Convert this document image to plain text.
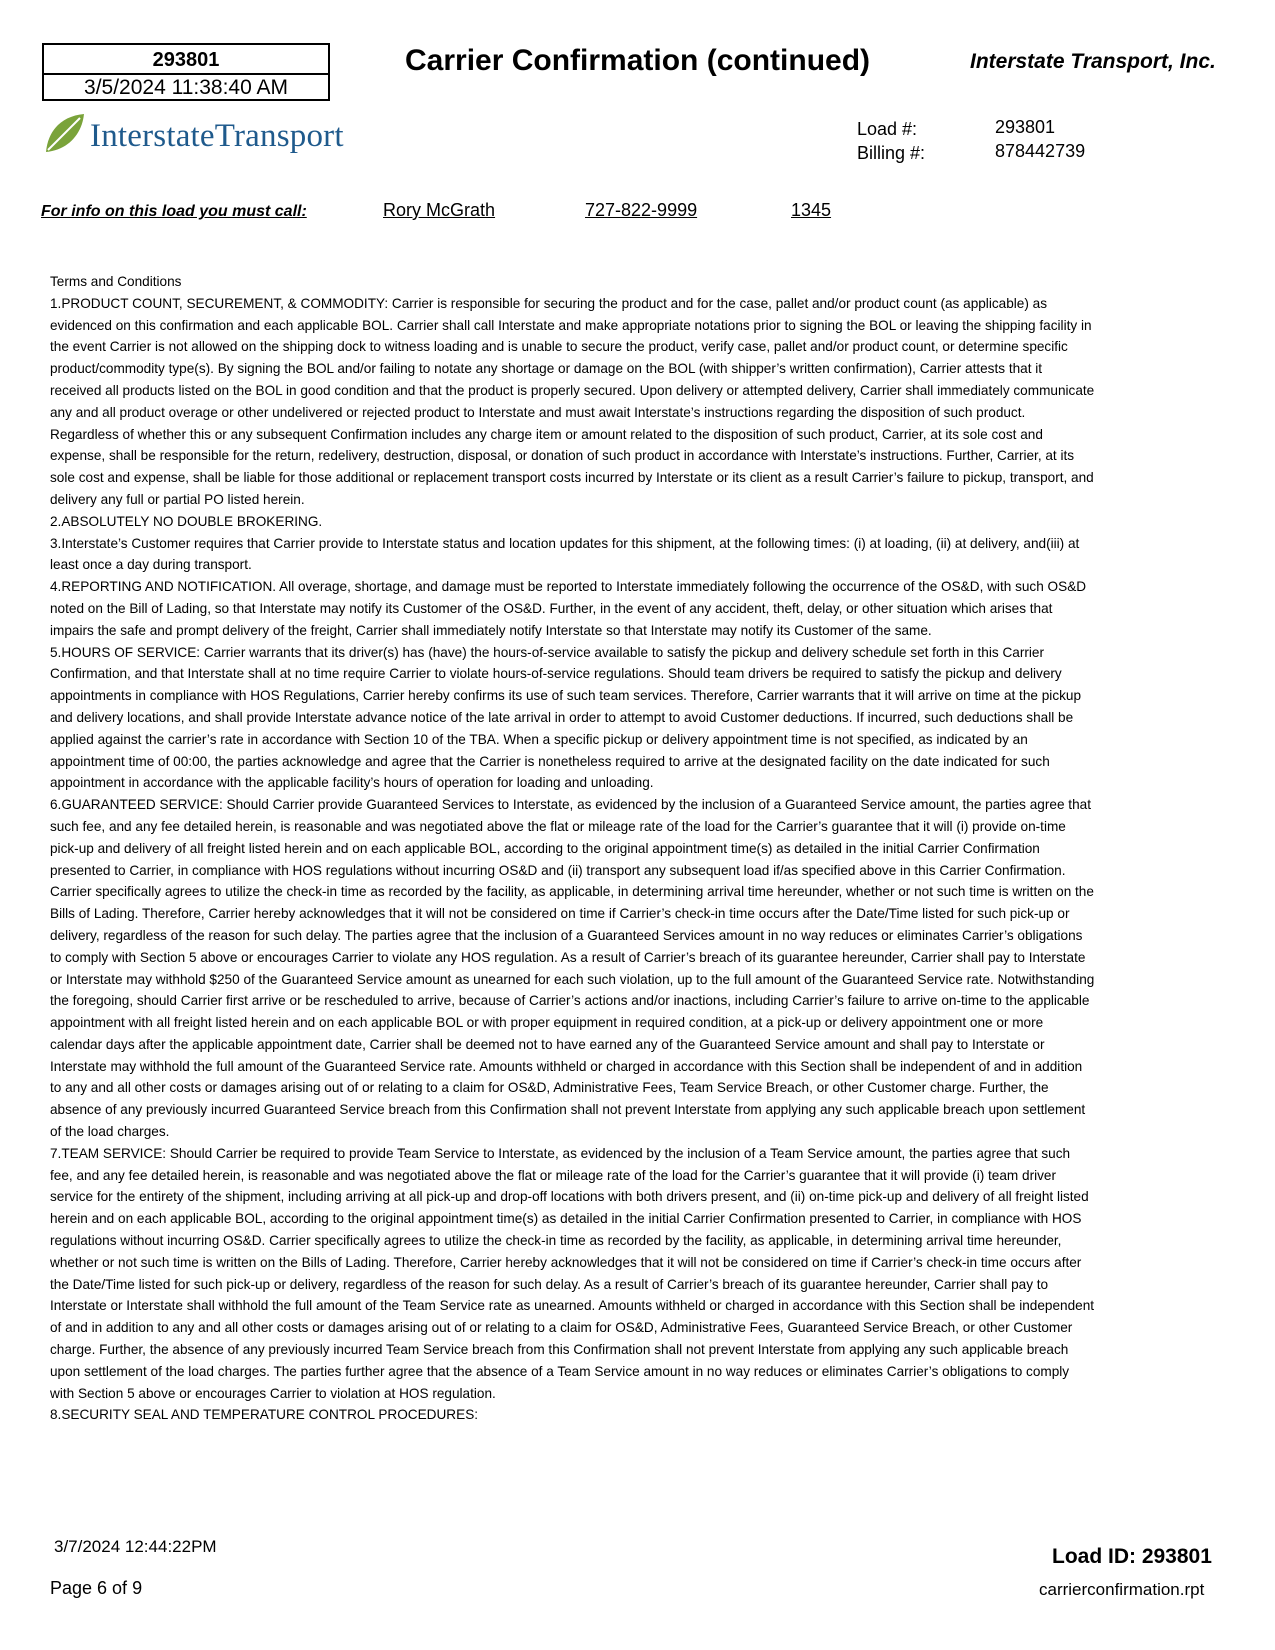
293801
3/5/2024 11:38:40 AM
Carrier Confirmation (continued)	Interstate Transport, Inc.
InterstateTransport	Load #:	293801
Billing #:	878442739
For info on this load you must call:	Rory McGrath	727-822-9999	1345

Terms and Conditions

1.PRODUCT COUNT, SECUREMENT, & COMMODITY: Carrier is responsible for securing the product and for the case, pallet and/or product count (as applicable) as evidenced on this confirmation and each applicable BOL. Carrier shall call Interstate and make appropriate notations prior to signing the BOL or leaving the shipping facility in the event Carrier is not allowed on the shipping dock to witness loading and is unable to secure the product, verify case, pallet and/or product count, or determine specific product/commodity type(s). By signing the BOL and/or failing to notate any shortage or damage on the BOL (with shipper’s written confirmation), Carrier attests that it received all products listed on the BOL in good condition and that the product is properly secured. Upon delivery or attempted delivery, Carrier shall immediately communicate any and all product overage or other undelivered or rejected product to Interstate and must await Interstate’s instructions regarding the disposition of such product. Regardless of whether this or any subsequent Confirmation includes any charge item or amount related to the disposition of such product, Carrier, at its sole cost and expense, shall be responsible for the return, redelivery, destruction, disposal, or donation of such product in accordance with Interstate’s instructions. Further, Carrier, at its sole cost and expense, shall be liable for those additional or replacement transport costs incurred by Interstate or its client as a result Carrier’s failure to pickup, transport, and delivery any full or partial PO listed herein.

2.ABSOLUTELY NO DOUBLE BROKERING.

3.Interstate’s Customer requires that Carrier provide to Interstate status and location updates for this shipment, at the following times: (i) at loading, (ii) at delivery, and(iii) at least once a day during transport.

4.REPORTING AND NOTIFICATION. All overage, shortage, and damage must be reported to Interstate immediately following the occurrence of the OS&D, with such OS&D noted on the Bill of Lading, so that Interstate may notify its Customer of the OS&D. Further, in the event of any accident, theft, delay, or other situation which arises that impairs the safe and prompt delivery of the freight, Carrier shall immediately notify Interstate so that Interstate may notify its Customer of the same.

5.HOURS OF SERVICE: Carrier warrants that its driver(s) has (have) the hours-of-service available to satisfy the pickup and delivery schedule set forth in this Carrier Confirmation, and that Interstate shall at no time require Carrier to violate hours-of-service regulations. Should team drivers be required to satisfy the pickup and delivery appointments in compliance with HOS Regulations, Carrier hereby confirms its use of such team services. Therefore, Carrier warrants that it will arrive on time at the pickup and delivery locations, and shall provide Interstate advance notice of the late arrival in order to attempt to avoid Customer deductions. If incurred, such deductions shall be applied against the carrier’s rate in accordance with Section 10 of the TBA. When a specific pickup or delivery appointment time is not specified, as indicated by an appointment time of 00:00, the parties acknowledge and agree that the Carrier is nonetheless required to arrive at the designated facility on the date indicated for such appointment in accordance with the applicable facility’s hours of operation for loading and unloading.

6.GUARANTEED SERVICE: Should Carrier provide Guaranteed Services to Interstate, as evidenced by the inclusion of a Guaranteed Service amount, the parties agree that such fee, and any fee detailed herein, is reasonable and was negotiated above the flat or mileage rate of the load for the Carrier’s guarantee that it will (i) provide on-time pick-up and delivery of all freight listed herein and on each applicable BOL, according to the original appointment time(s) as detailed in the initial Carrier Confirmation presented to Carrier, in compliance with HOS regulations without incurring OS&D and (ii) transport any subsequent load if/as specified above in this Carrier Confirmation. Carrier specifically agrees to utilize the check-in time as recorded by the facility, as applicable, in determining arrival time hereunder, whether or not such time is written on the Bills of Lading. Therefore, Carrier hereby acknowledges that it will not be considered on time if Carrier’s check-in time occurs after the Date/Time listed for such pick-up or delivery, regardless of the reason for such delay. The parties agree that the inclusion of a Guaranteed Services amount in no way reduces or eliminates Carrier’s obligations to comply with Section 5 above or encourages Carrier to violate any HOS regulation. As a result of Carrier’s breach of its guarantee hereunder, Carrier shall pay to Interstate or Interstate may withhold $250 of the Guaranteed Service amount as unearned for each such violation, up to the full amount of the Guaranteed Service rate. Notwithstanding the foregoing, should Carrier first arrive or be rescheduled to arrive, because of Carrier’s actions and/or inactions, including Carrier’s failure to arrive on-time to the applicable appointment with all freight listed herein and on each applicable BOL or with proper equipment in required condition, at a pick-up or delivery appointment one or more calendar days after the applicable appointment date, Carrier shall be deemed not to have earned any of the Guaranteed Service amount and shall pay to Interstate or Interstate may withhold the full amount of the Guaranteed Service rate. Amounts withheld or charged in accordance with this Section shall be independent of and in addition to any and all other costs or damages arising out of or relating to a claim for OS&D, Administrative Fees, Team Service Breach, or other Customer charge. Further, the absence of any previously incurred Guaranteed Service breach from this Confirmation shall not prevent Interstate from applying any such applicable breach upon settlement of the load charges.

7.TEAM SERVICE: Should Carrier be required to provide Team Service to Interstate, as evidenced by the inclusion of a Team Service amount, the parties agree that such fee, and any fee detailed herein, is reasonable and was negotiated above the flat or mileage rate of the load for the Carrier’s guarantee that it will provide (i) team driver service for the entirety of the shipment, including arriving at all pick-up and drop-off locations with both drivers present, and (ii) on-time pick-up and delivery of all freight listed herein and on each applicable BOL, according to the original appointment time(s) as detailed in the initial Carrier Confirmation presented to Carrier, in compliance with HOS regulations without incurring OS&D. Carrier specifically agrees to utilize the check-in time as recorded by the facility, as applicable, in determining arrival time hereunder, whether or not such time is written on the Bills of Lading. Therefore, Carrier hereby acknowledges that it will not be considered on time if Carrier’s check-in time occurs after the Date/Time listed for such pick-up or delivery, regardless of the reason for such delay. As a result of Carrier’s breach of its guarantee hereunder, Carrier shall pay to Interstate or Interstate shall withhold the full amount of the Team Service rate as unearned. Amounts withheld or charged in accordance with this Section shall be independent of and in addition to any and all other costs or damages arising out of or relating to a claim for OS&D, Administrative Fees, Guaranteed Service Breach, or other Customer charge. Further, the absence of any previously incurred Team Service breach from this Confirmation shall not prevent Interstate from applying any such applicable breach upon settlement of the load charges. The parties further agree that the absence of a Team Service amount in no way reduces or eliminates Carrier’s obligations to comply with Section 5 above or encourages Carrier to violation at HOS regulation.

8.SECURITY SEAL AND TEMPERATURE CONTROL PROCEDURES:

3/7/2024 12:44:22PM
Page 6 of 9
Load ID: 293801
carrierconfirmation.rpt
